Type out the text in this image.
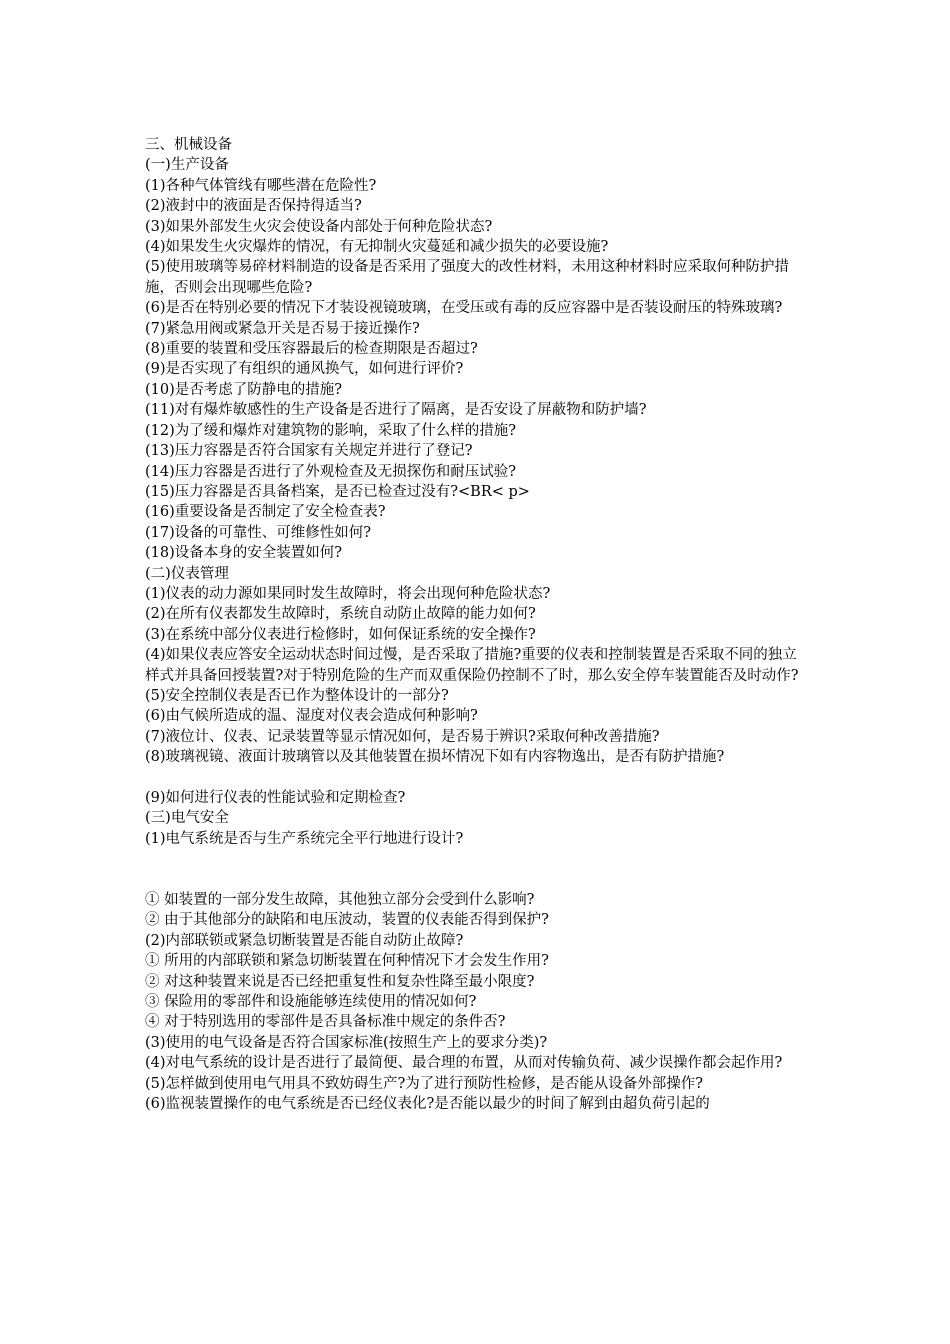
三、机械设备
(一)生产设备
(1)各种气体管线有哪些潜在危险性?
(2)液封中的液面是否保持得适当?
(3)如果外部发生火灾会使设备内部处于何种危险状态?
(4)如果发生火灾爆炸的情况，有无抑制火灾蔓延和减少损失的必要设施?
(5)使用玻璃等易碎材料制造的设备是否采用了强度大的改性材料，未用这种材料时应采取何种防护措
施，否则会出现哪些危险?
(6)是否在特别必要的情况下才装设视镜玻璃，在受压或有毒的反应容器中是否装设耐压的特殊玻璃?
(7)紧急用阀或紧急开关是否易于接近操作?
(8)重要的装置和受压容器最后的检查期限是否超过?
(9)是否实现了有组织的通风换气，如何进行评价?
(10)是否考虑了防静电的措施?
(11)对有爆炸敏感性的生产设备是否进行了隔离，是否安设了屏蔽物和防护墙?
(12)为了缓和爆炸对建筑物的影响，采取了什么样的措施?
(13)压力容器是否符合国家有关规定并进行了登记?
(14)压力容器是否进行了外观检查及无损探伤和耐压试验?
(15)压力容器是否具备档案，是否已检查过没有?<BR< p>
(16)重要设备是否制定了安全检查表?
(17)设备的可靠性、可维修性如何?
(18)设备本身的安全装置如何?
(二)仪表管理
(1)仪表的动力源如果同时发生故障时，将会出现何种危险状态?
(2)在所有仪表都发生故障时，系统自动防止故障的能力如何?
(3)在系统中部分仪表进行检修时，如何保证系统的安全操作?
(4)如果仪表应答安全运动状态时间过慢，是否采取了措施?重要的仪表和控制装置是否采取不同的独立
样式并具备回授装置?对于特别危险的生产而双重保险仍控制不了时，那么安全停车装置能否及时动作?
(5)安全控制仪表是否已作为整体设计的一部分?
(6)由气候所造成的温、湿度对仪表会造成何种影响?
(7)液位计、仪表、记录装置等显示情况如何，是否易于辨识?采取何种改善措施?
(8)玻璃视镜、液面计玻璃管以及其他装置在损坏情况下如有内容物逸出，是否有防护措施?
(9)如何进行仪表的性能试验和定期检查?
(三)电气安全
(1)电气系统是否与生产系统完全平行地进行设计?
① 如装置的一部分发生故障，其他独立部分会受到什么影响?
② 由于其他部分的缺陷和电压波动，装置的仪表能否得到保护?
(2)内部联锁或紧急切断装置是否能自动防止故障?
① 所用的内部联锁和紧急切断装置在何种情况下才会发生作用?
② 对这种装置来说是否已经把重复性和复杂性降至最小限度?
③ 保险用的零部件和设施能够连续使用的情况如何?
④ 对于特别选用的零部件是否具备标准中规定的条件否?
(3)使用的电气设备是否符合国家标准(按照生产上的要求分类)?
(4)对电气系统的设计是否进行了最简便、最合理的布置，从而对传输负荷、减少误操作都会起作用?
(5)怎样做到使用电气用具不致妨碍生产?为了进行预防性检修，是否能从设备外部操作?
(6)监视装置操作的电气系统是否已经仪表化?是否能以最少的时间了解到由超负荷引起的
